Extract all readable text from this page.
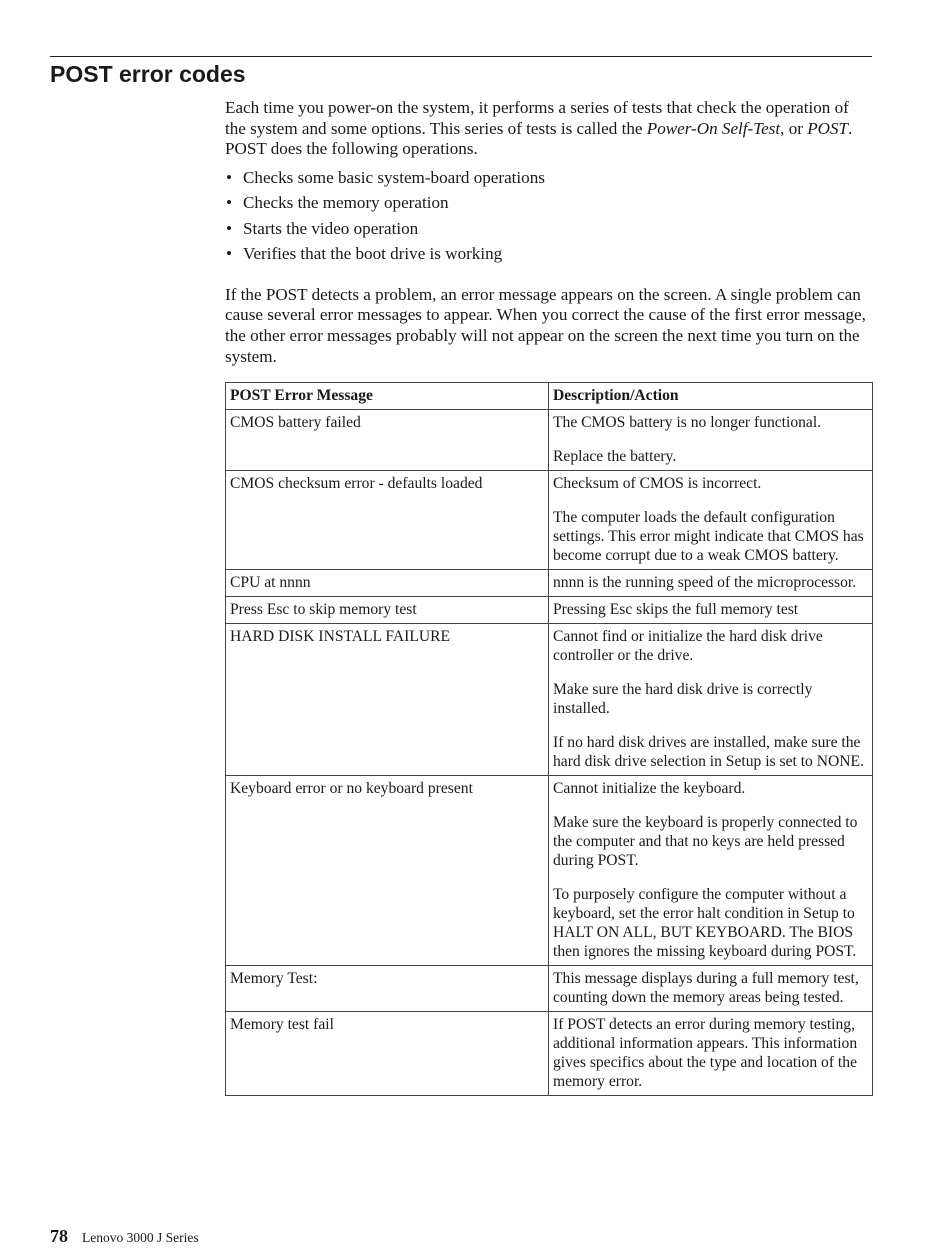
POST error codes

Each time you power-on the system, it performs a series of tests that check the operation of the system and some options. This series of tests is called the Power-On Self-Test, or POST. POST does the following operations.

• Checks some basic system-board operations
• Checks the memory operation
• Starts the video operation
• Verifies that the boot drive is working

If the POST detects a problem, an error message appears on the screen. A single problem can cause several error messages to appear. When you correct the cause of the first error message, the other error messages probably will not appear on the screen the next time you turn on the system.

POST Error Message	Description/Action
CMOS battery failed	The CMOS battery is no longer functional.

Replace the battery.

CMOS checksum error - defaults loaded	Checksum of CMOS is incorrect.

The computer loads the default configuration settings. This error might indicate that CMOS has become corrupt due to a weak CMOS battery.

CPU at nnnn	nnnn is the running speed of the microprocessor.

Press Esc to skip memory test	Pressing Esc skips the full memory test

HARD DISK INSTALL FAILURE	Cannot find or initialize the hard disk drive controller or the drive.

Make sure the hard disk drive is correctly installed.

If no hard disk drives are installed, make sure the hard disk drive selection in Setup is set to NONE.

Keyboard error or no keyboard present	Cannot initialize the keyboard.

Make sure the keyboard is properly connected to the computer and that no keys are held pressed during POST.

To purposely configure the computer without a keyboard, set the error halt condition in Setup to HALT ON ALL, BUT KEYBOARD. The BIOS then ignores the missing keyboard during POST.

Memory Test:	This message displays during a full memory test, counting down the memory areas being tested.

Memory test fail	If POST detects an error during memory testing, additional information appears. This information gives specifics about the type and location of the memory error.

78 Lenovo 3000 J Series
